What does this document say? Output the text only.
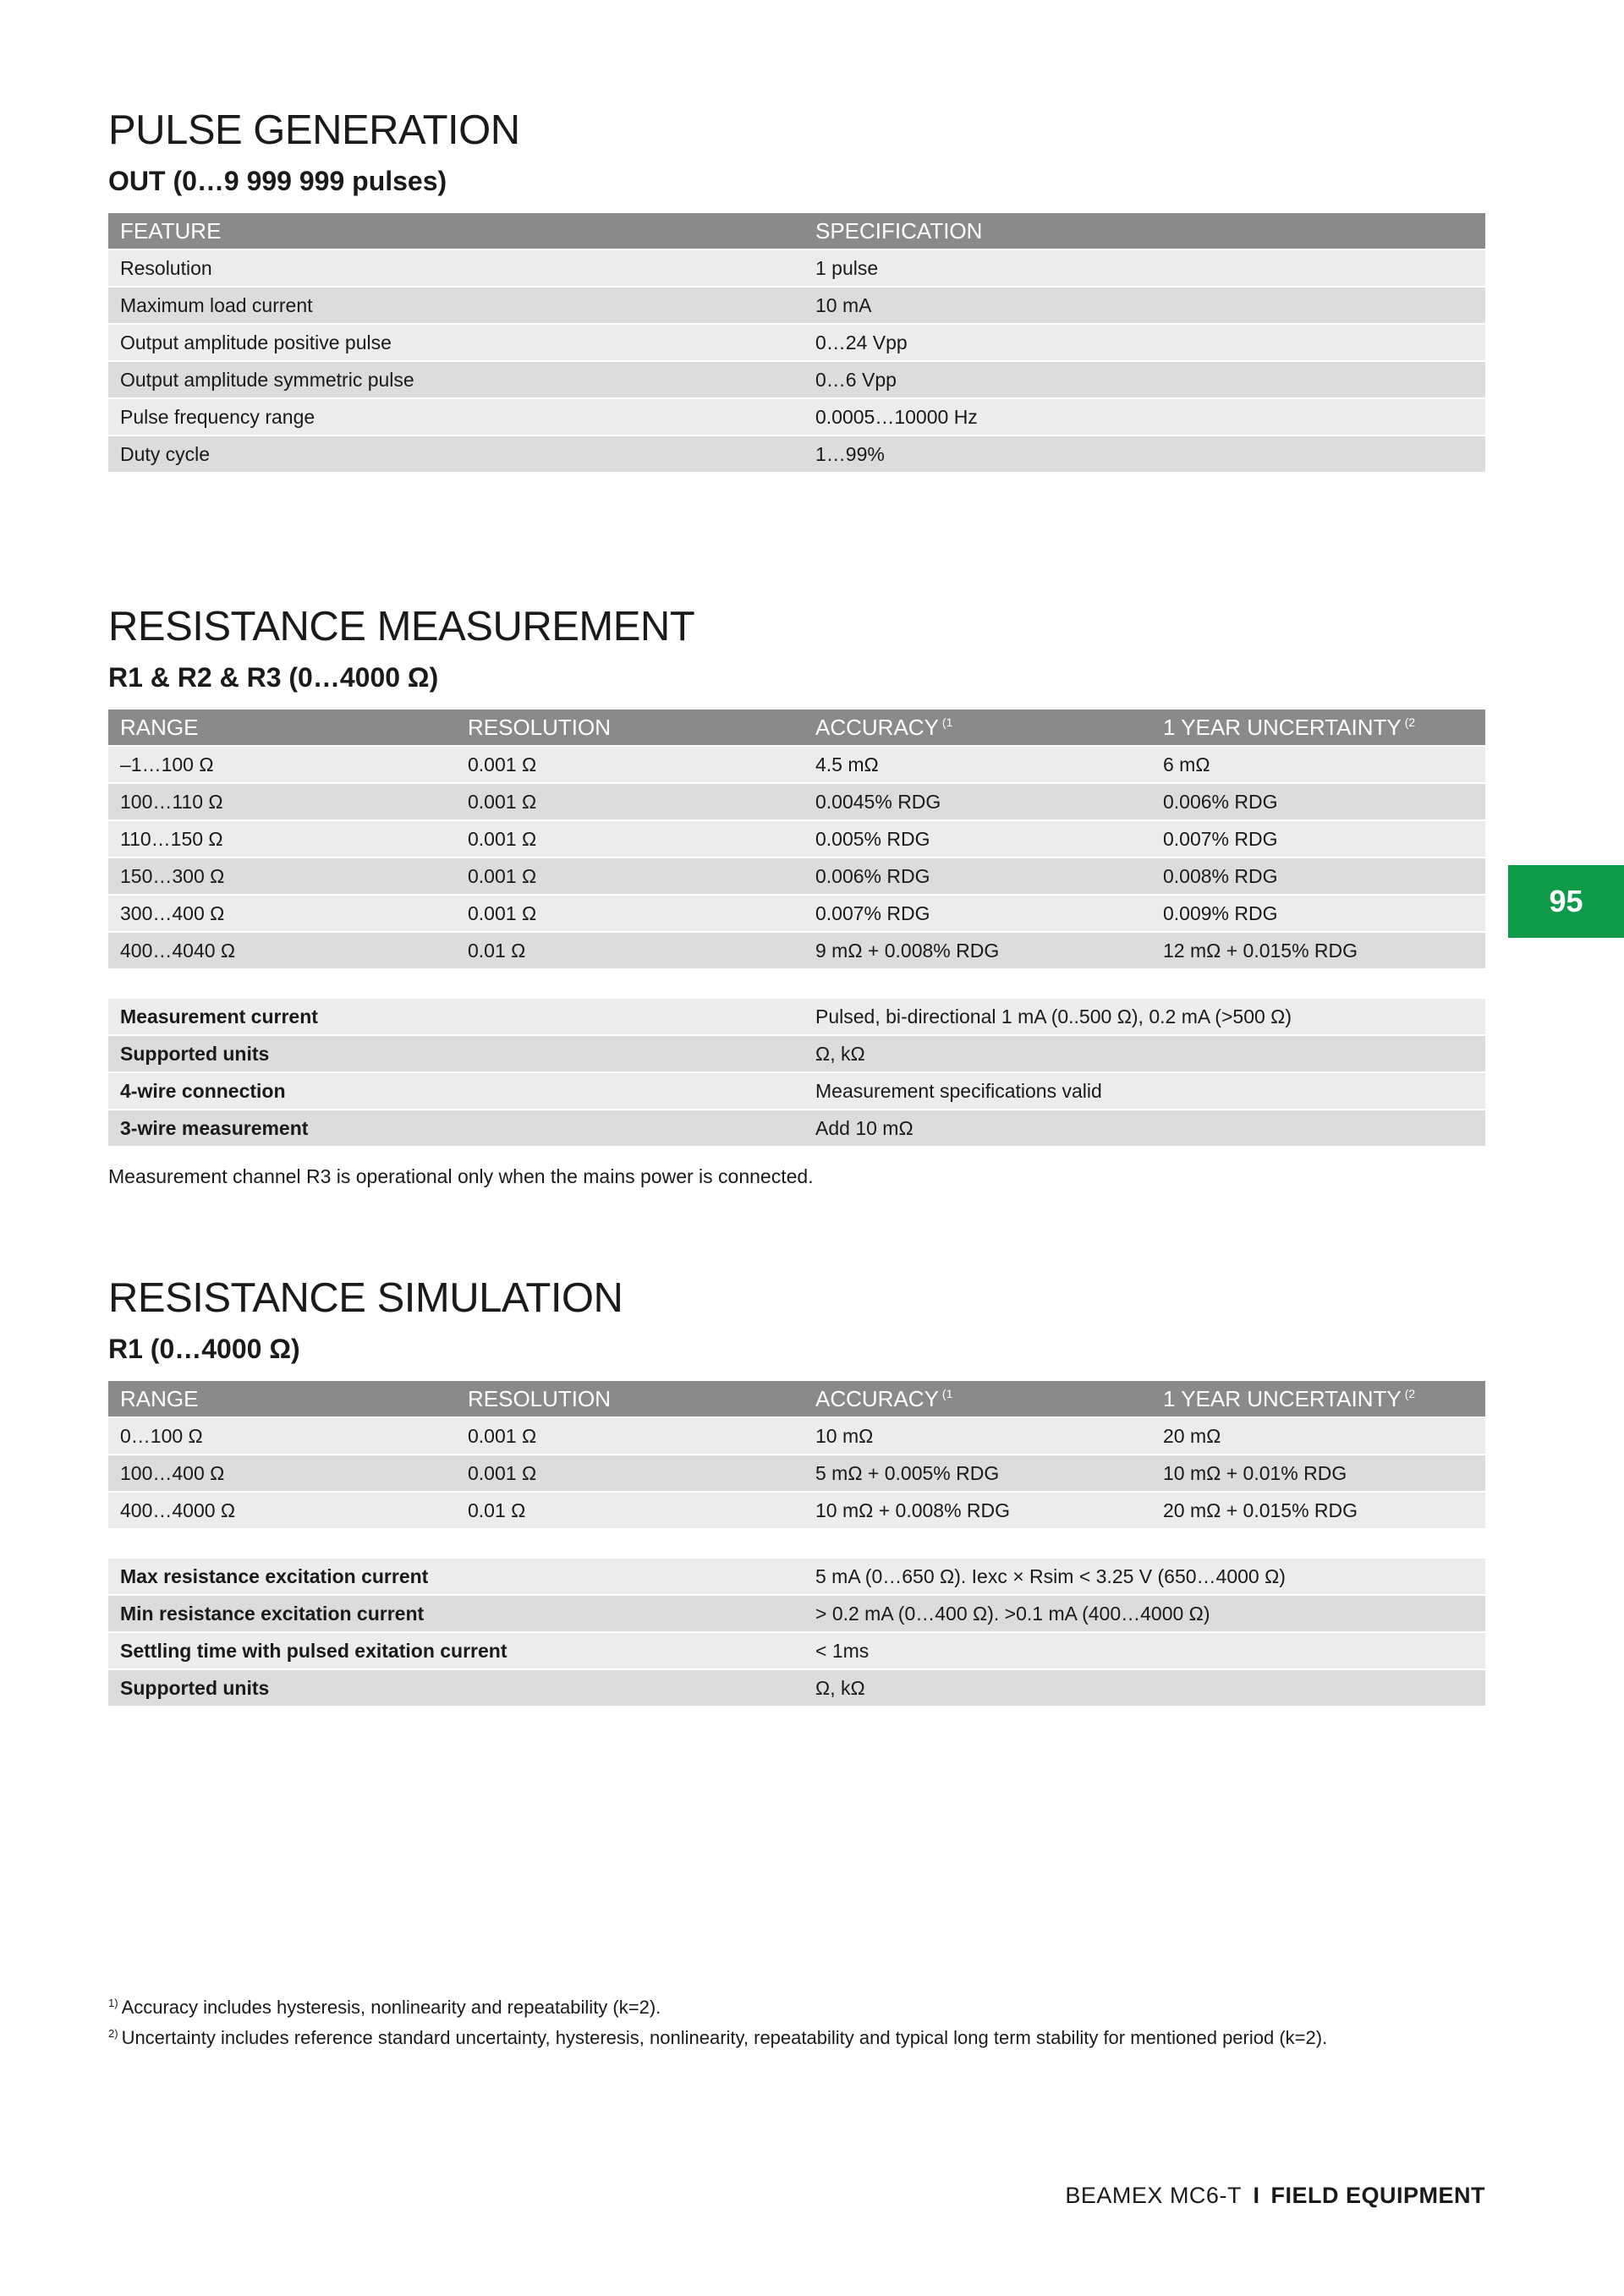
PULSE GENERATION
OUT (0…9 999 999 pulses)
FEATURE	SPECIFICATION
Resolution	1 pulse
Maximum load current	10 mA
Output amplitude positive pulse	0…24 Vpp
Output amplitude symmetric pulse	0…6 Vpp
Pulse frequency range	0.0005…10000 Hz
Duty cycle	1…99%
RESISTANCE MEASUREMENT
R1 & R2 & R3 (0…4000 Ω)
RANGE	RESOLUTION	ACCURACY $^{(1}$	1 YEAR UNCERTAINTY $^{(2}$
–1…100 Ω	0.001 Ω	4.5 mΩ	6 mΩ
100…110 Ω	0.001 Ω	0.0045% RDG	0.006% RDG
110…150 Ω	0.001 Ω	0.005% RDG	0.007% RDG
150…300 Ω	0.001 Ω	0.006% RDG	0.008% RDG
300…400 Ω	0.001 Ω	0.007% RDG	0.009% RDG
400…4040 Ω	0.01 Ω	9 mΩ + 0.008% RDG	12 mΩ + 0.015% RDG
Measurement current	Pulsed, bi-directional 1 mA (0..500 Ω), 0.2 mA (>500 Ω)
Supported units	Ω, kΩ
4-wire connection	Measurement specifications valid
3-wire measurement	Add 10 mΩ

Measurement channel R3 is operational only when the mains power is connected.

RESISTANCE SIMULATION
R1 (0…4000 Ω)
RANGE	RESOLUTION	ACCURACY $^{(1}$	1 YEAR UNCERTAINTY $^{(2}$
0…100 Ω	0.001 Ω	10 mΩ	20 mΩ
100…400 Ω	0.001 Ω	5 mΩ + 0.005% RDG	10 mΩ + 0.01% RDG
400…4000 Ω	0.01 Ω	10 mΩ + 0.008% RDG	20 mΩ + 0.015% RDG
Max resistance excitation current	5 mA (0…650 Ω). Iexc × Rsim < 3.25 V (650…4000 Ω)
Min resistance excitation current	> 0.2 mA (0…400 Ω). >0.1 mA (400…4000 Ω)
Settling time with pulsed exitation current	< 1ms
Supported units	Ω, kΩ
$^{1)}$ Accuracy includes hysteresis, nonlinearity and repeatability (k=2).
$^{2)}$ Uncertainty includes reference standard uncertainty, hysteresis, nonlinearity, repeatability and typical long term stability for mentioned period (k=2).
95
BEAMEX MC6-T I FIELD EQUIPMENT
